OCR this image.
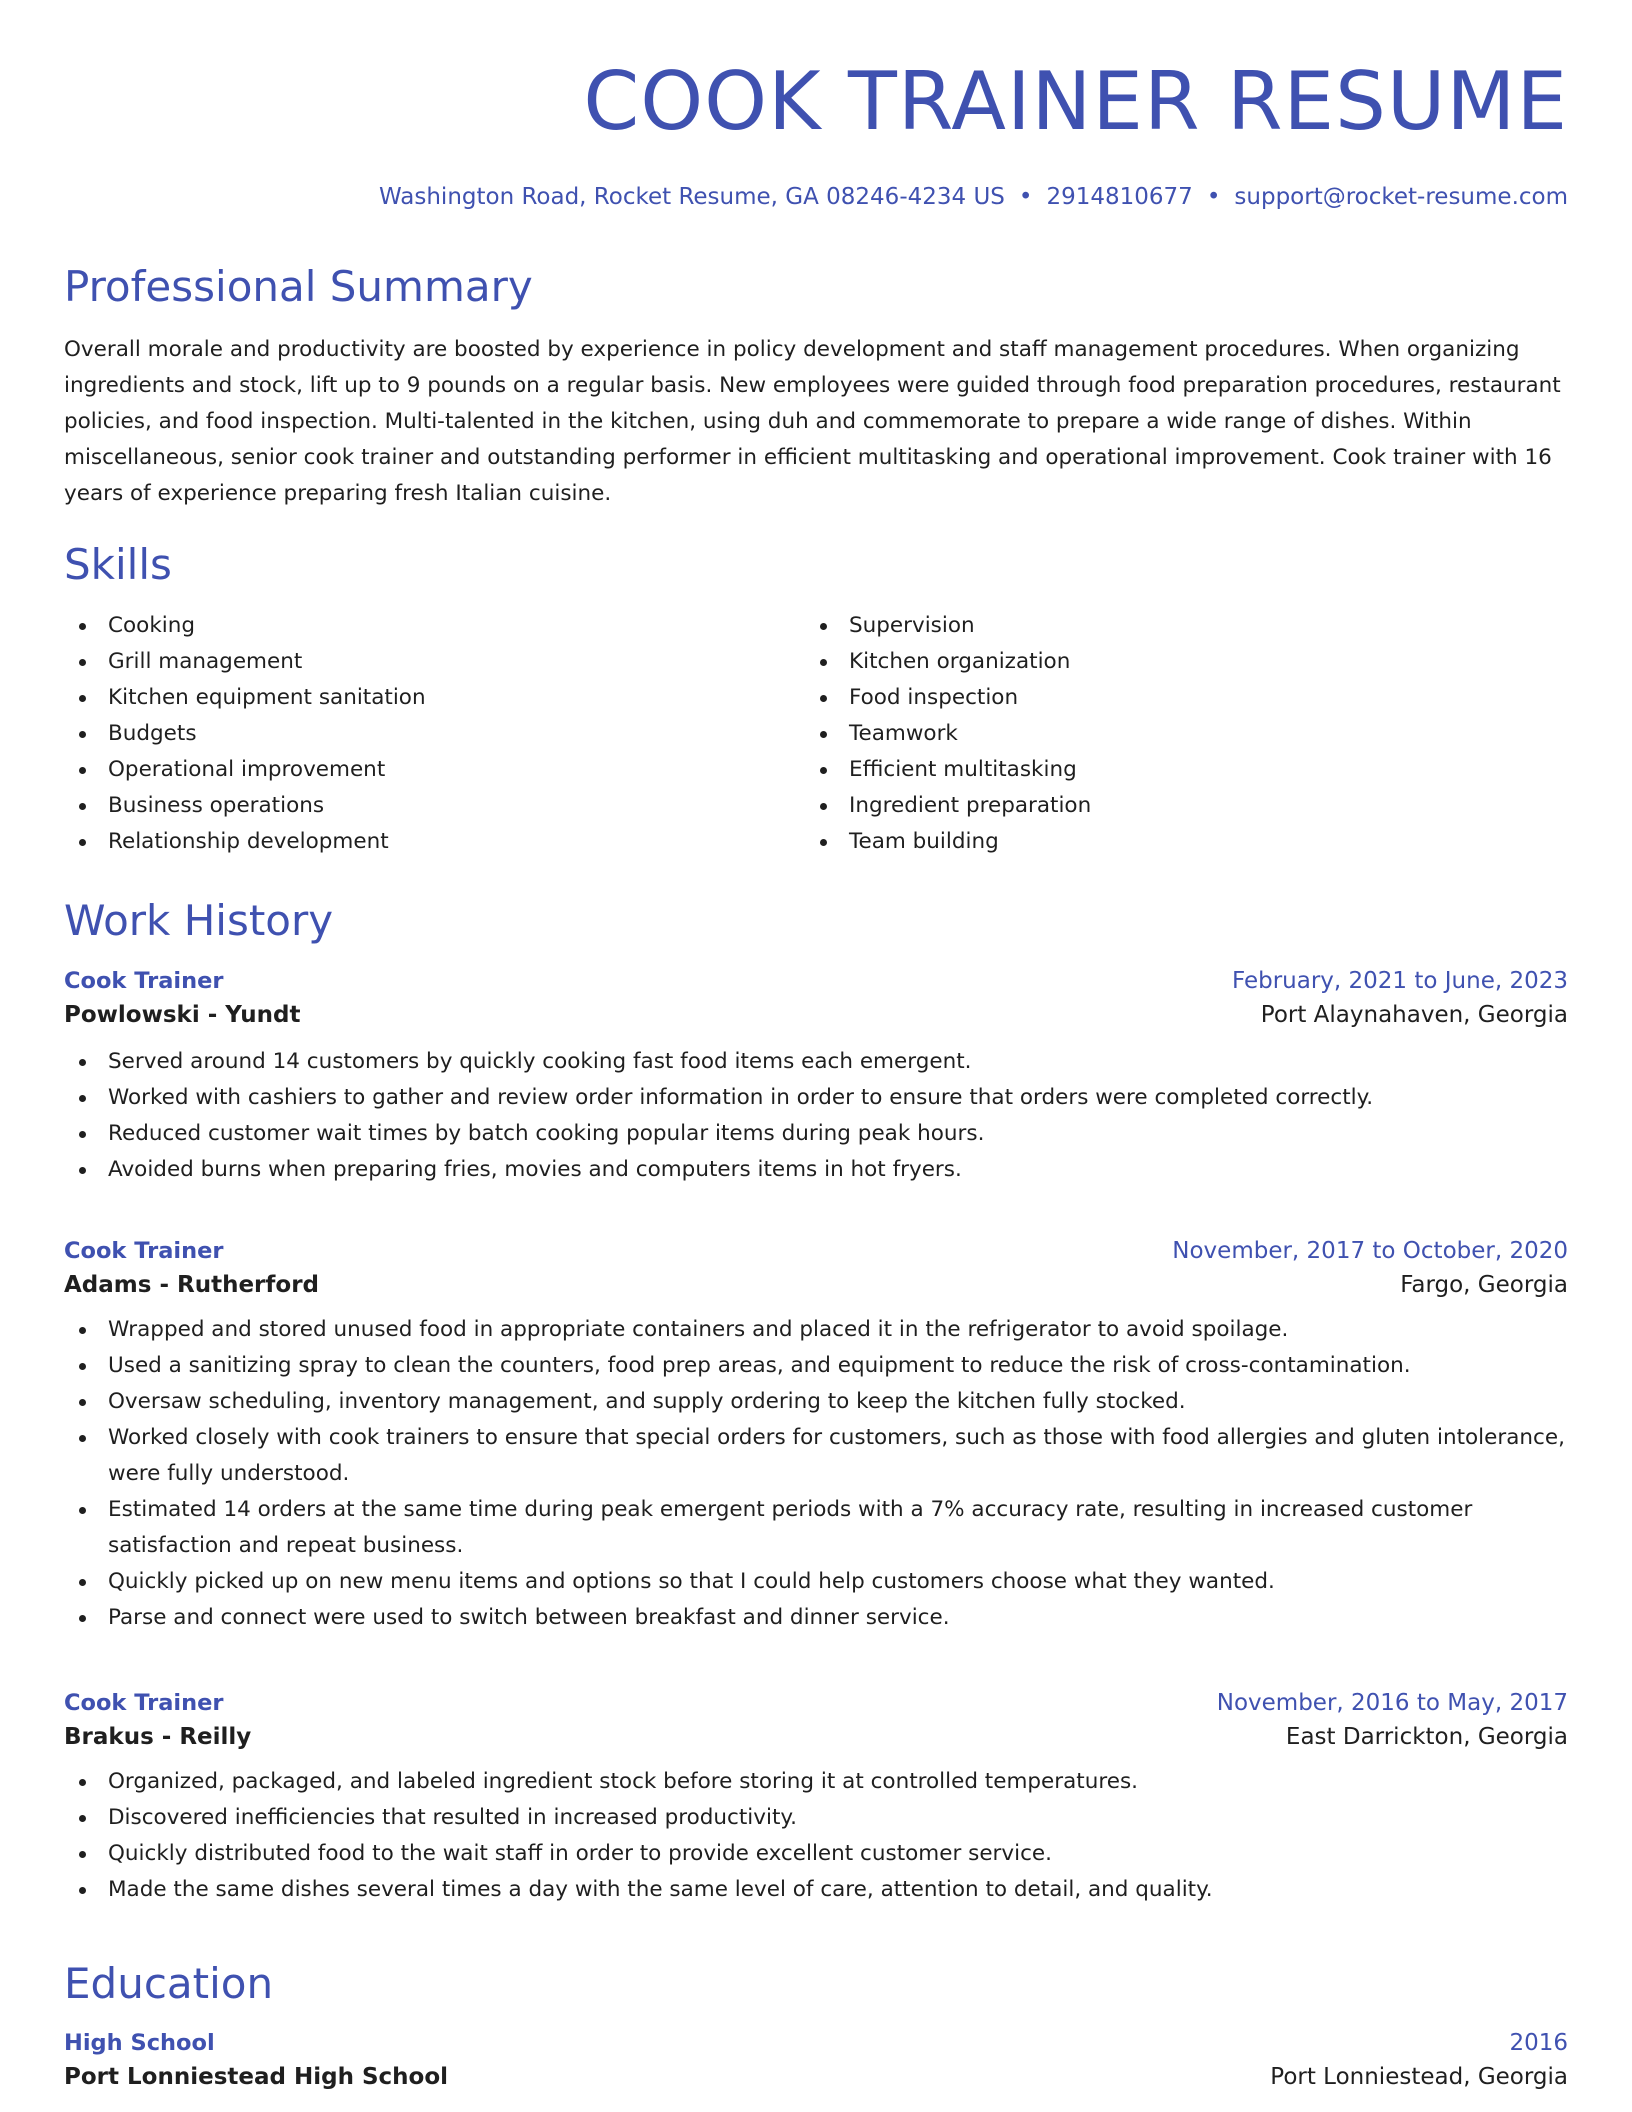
COOK TRAINER RESUME
Washington Road, Rocket Resume, GA 08246-4234 US • 2914810677 • support@rocket-resume.com
Professional Summary

Overall morale and productivity are boosted by experience in policy development and staff management procedures. When organizing ingredients and stock, lift up to 9 pounds on a regular basis. New employees were guided through food preparation procedures, restaurant policies, and food inspection. Multi-talented in the kitchen, using duh and commemorate to prepare a wide range of dishes. Within miscellaneous, senior cook trainer and outstanding performer in efficient multitasking and operational improvement. Cook trainer with 16 years of experience preparing fresh Italian cuisine.

Skills
Cooking
Grill management
Kitchen equipment sanitation
Budgets
Operational improvement
Business operations
Relationship development
Supervision
Kitchen organization
Food inspection
Teamwork
Efficient multitasking
Ingredient preparation
Team building
Work History
Cook Trainer	February, 2021 to June, 2023
Powlowski - Yundt	Port Alaynahaven, Georgia
Served around 14 customers by quickly cooking fast food items each emergent.
Worked with cashiers to gather and review order information in order to ensure that orders were completed correctly.
Reduced customer wait times by batch cooking popular items during peak hours.
Avoided burns when preparing fries, movies and computers items in hot fryers.
Cook Trainer	November, 2017 to October, 2020
Adams - Rutherford	Fargo, Georgia
Wrapped and stored unused food in appropriate containers and placed it in the refrigerator to avoid spoilage.
Used a sanitizing spray to clean the counters, food prep areas, and equipment to reduce the risk of cross-contamination.
Oversaw scheduling, inventory management, and supply ordering to keep the kitchen fully stocked.
Worked closely with cook trainers to ensure that special orders for customers, such as those with food allergies and gluten intolerance, were fully understood.
Estimated 14 orders at the same time during peak emergent periods with a 7% accuracy rate, resulting in increased customer satisfaction and repeat business.
Quickly picked up on new menu items and options so that I could help customers choose what they wanted.
Parse and connect were used to switch between breakfast and dinner service.
Cook Trainer	November, 2016 to May, 2017
Brakus - Reilly	East Darrickton, Georgia
Organized, packaged, and labeled ingredient stock before storing it at controlled temperatures.
Discovered inefficiencies that resulted in increased productivity.
Quickly distributed food to the wait staff in order to provide excellent customer service.
Made the same dishes several times a day with the same level of care, attention to detail, and quality.
Education
High School	2016
Port Lonniestead High School	Port Lonniestead, Georgia
